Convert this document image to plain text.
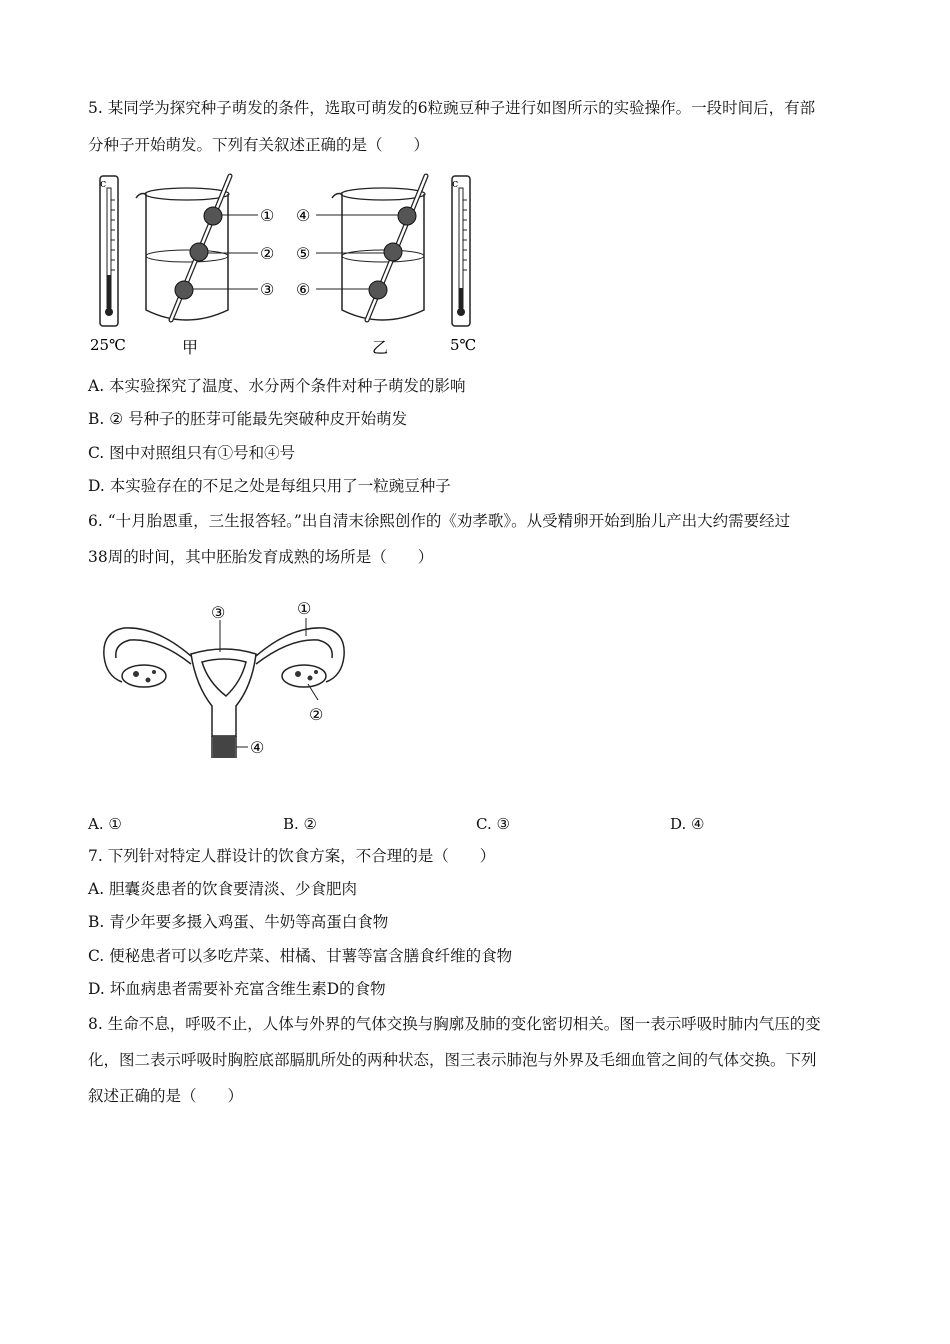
5. 某同学为探究种子萌发的条件，选取可萌发的6粒豌豆种子进行如图所示的实验操作。一段时间后，有部
分种子开始萌发。下列有关叙述正确的是（　　）
c
25℃
①
②
③
甲
④
⑤
⑥
乙
c
5℃
A. 本实验探究了温度、水分两个条件对种子萌发的影响
B. ② 号种子的胚芽可能最先突破种皮开始萌发
C. 图中对照组只有①号和④号
D. 本实验存在的不足之处是每组只用了一粒豌豆种子
6. “十月胎恩重，三生报答轻。”出自清末徐熙创作的《劝孝歌》。从受精卵开始到胎儿产出大约需要经过
38周的时间，其中胚胎发育成熟的场所是（　　）
③	①
②
④
A. ①	B. ②	C. ③	D. ④
7. 下列针对特定人群设计的饮食方案，不合理的是（　　）
A. 胆囊炎患者的饮食要清淡、少食肥肉
B. 青少年要多摄入鸡蛋、牛奶等高蛋白食物
C. 便秘患者可以多吃芹菜、柑橘、甘薯等富含膳食纤维的食物
D. 坏血病患者需要补充富含维生素D的食物
8. 生命不息，呼吸不止，人体与外界的气体交换与胸廓及肺的变化密切相关。图一表示呼吸时肺内气压的变
化，图二表示呼吸时胸腔底部膈肌所处的两种状态，图三表示肺泡与外界及毛细血管之间的气体交换。下列
叙述正确的是（　　）
